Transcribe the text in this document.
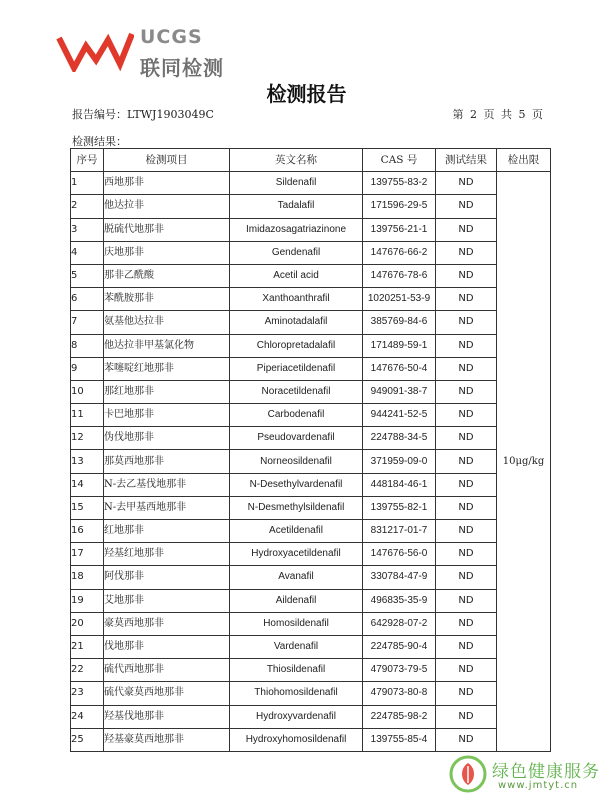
UCGS
联同检测
检测报告
报告编号：LTWJ1903049C	第 2 页 共 5 页
检测结果：
序号	检测项目	英文名称	CAS 号	测试结果	检出限
1	西地那非	Sildenafil	139755-83-2	ND	10μg/kg
2	他达拉非	Tadalafil	171596-29-5	ND	
3	脱硫代地那非	Imidazosagatriazinone	139756-21-1	ND	
4	庆地那非	Gendenafil	147676-66-2	ND	
5	那非乙酰酸	Acetil acid	147676-78-6	ND	
6	苯酰胺那非	Xanthoanthrafil	1020251-53-9	ND	
7	氨基他达拉非	Aminotadalafil	385769-84-6	ND	
8	他达拉非甲基氯化物	Chloropretadalafil	171489-59-1	ND	
9	苯噻啶红地那非	Piperiacetildenafil	147676-50-4	ND	
10	那红地那非	Noracetildenafil	949091-38-7	ND	
11	卡巴地那非	Carbodenafil	944241-52-5	ND	
12	伪伐地那非	Pseudovardenafil	224788-34-5	ND	
13	那莫西地那非	Norneosildenafil	371959-09-0	ND	
14	N-去乙基伐地那非	N-Desethylvardenafil	448184-46-1	ND	
15	N-去甲基西地那非	N-Desmethylsildenafil	139755-82-1	ND	
16	红地那非	Acetildenafil	831217-01-7	ND	
17	羟基红地那非	Hydroxyacetildenafil	147676-56-0	ND	
18	阿伐那非	Avanafil	330784-47-9	ND	
19	艾地那非	Aildenafil	496835-35-9	ND	
20	豪莫西地那非	Homosildenafil	642928-07-2	ND	
21	伐地那非	Vardenafil	224785-90-4	ND	
22	硫代西地那非	Thiosildenafil	479073-79-5	ND	
23	硫代豪莫西地那非	Thiohomosildenafil	479073-80-8	ND	
24	羟基伐地那非	Hydroxyvardenafil	224785-98-2	ND	
25	羟基豪莫西地那非	Hydroxyhomosildenafil	139755-85-4	ND	
绿色健康服务
www.jmtyt.cn
